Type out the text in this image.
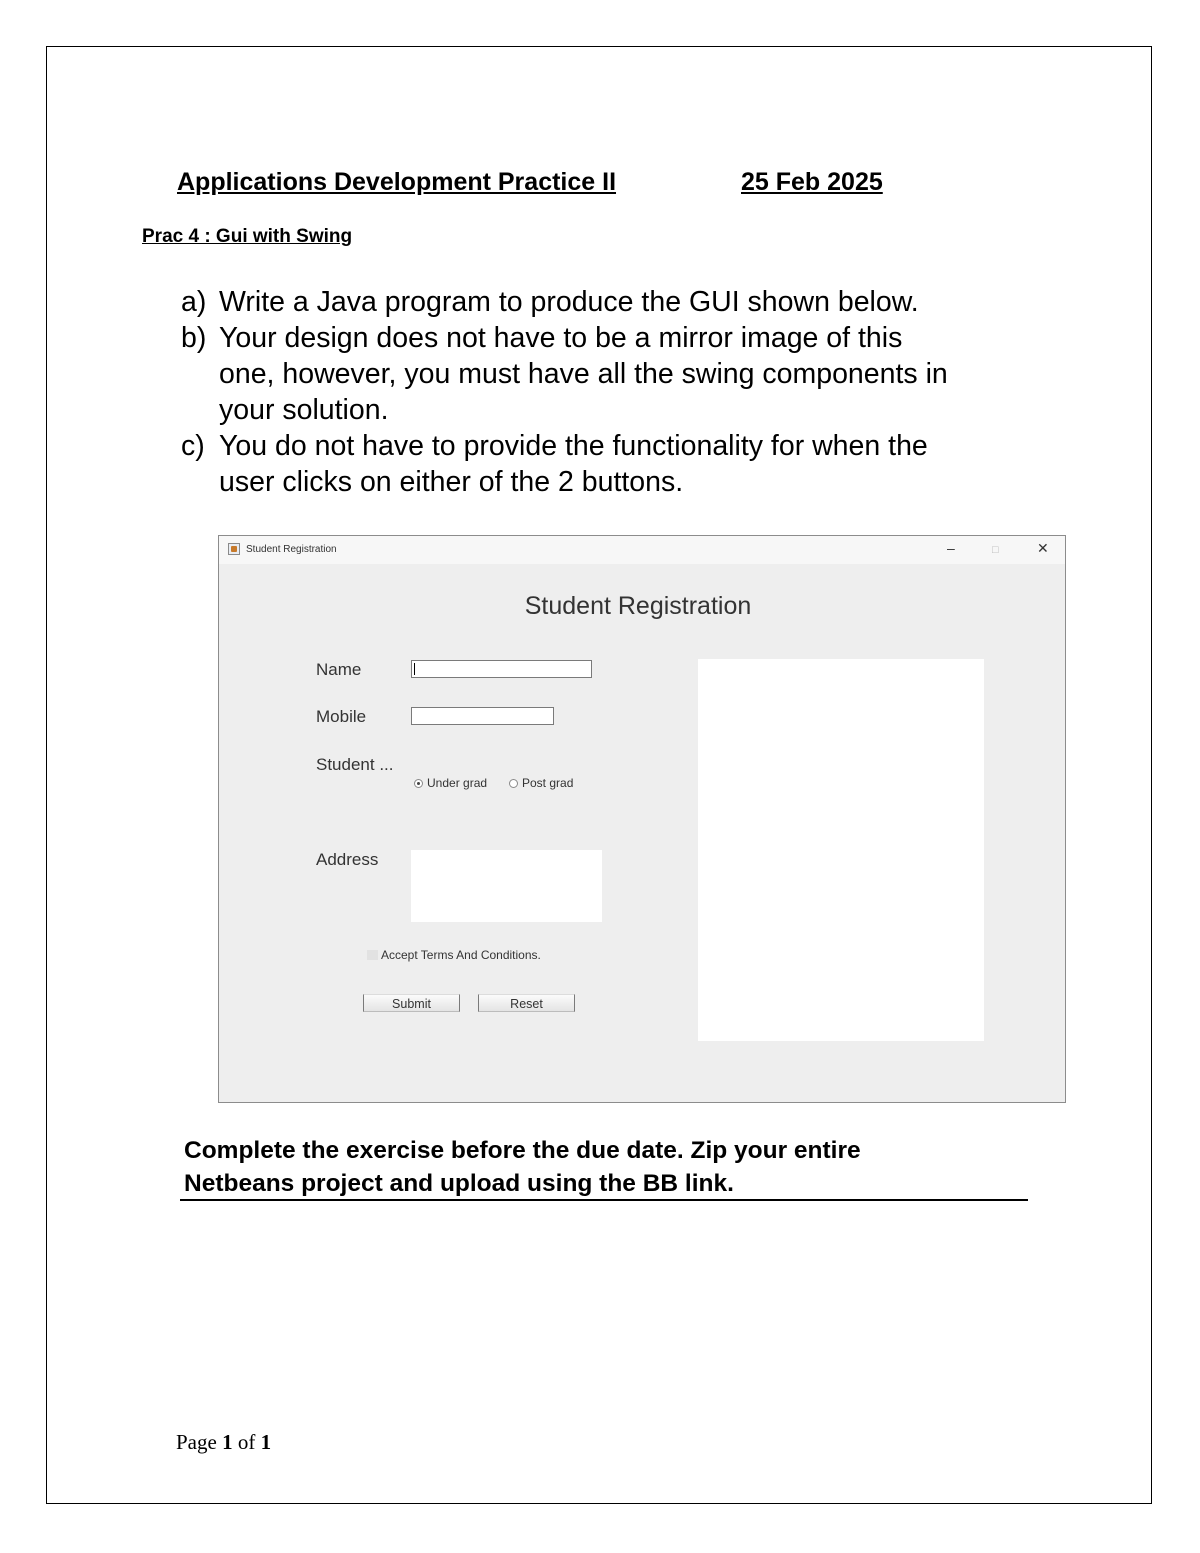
Applications Development Practice II	25 Feb 2025
Prac 4 : Gui with Swing
a) Write a Java program to produce the GUI shown below.
b) Your design does not have to be a mirror image of this
one, however, you must have all the swing components in
your solution.
c) You do not have to provide the functionality for when the
user clicks on either of the 2 buttons.
Student Registration	–	□	✕
Student Registration
Name
Mobile
Student ...
Under grad	Post grad
Address
Accept Terms And Conditions.
Submit	Reset
Complete the exercise before the due date. Zip your entire
Netbeans project and upload using the BB link.
Page 1 of 1
